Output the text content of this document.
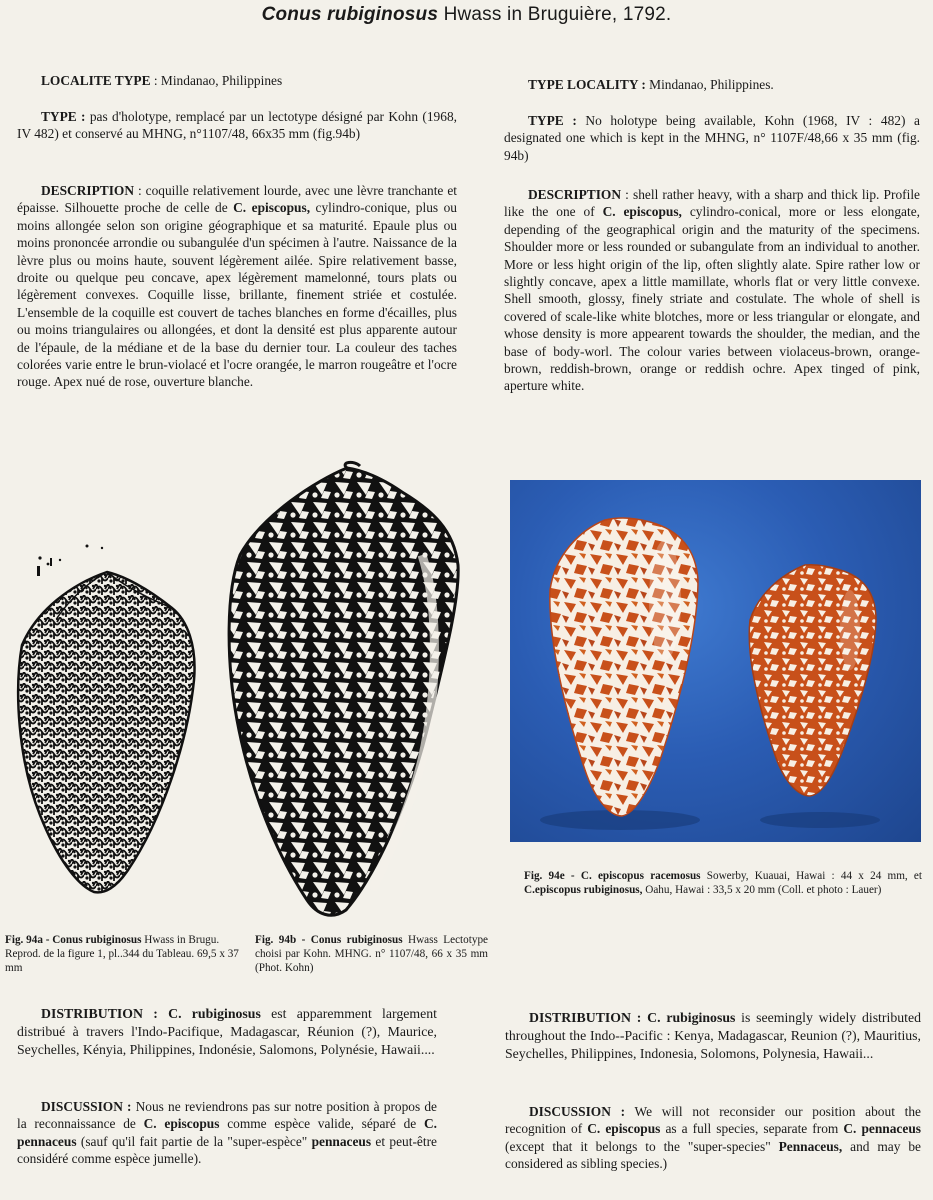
Conus rubiginosus Hwass in Bruguière, 1792.
LOCALITE TYPE : Mindanao, Philippines
TYPE : pas d'holotype, remplacé par un lectotype désigné par Kohn (1968, IV 482) et conservé au MHNG, n°1107/48, 66x35 mm (fig.94b)
DESCRIPTION : coquille relativement lourde, avec une lèvre tranchante et épaisse. Silhouette proche de celle de C. episcopus, cylindro-conique, plus ou moins allongée selon son origine géographique et sa maturité. Epaule plus ou moins prononcée arrondie ou subangulée d'un spécimen à l'autre. Naissance de la lèvre plus ou moins haute, souvent légèrement ailée. Spire relativement basse, droite ou quelque peu concave, apex légèrement mamelonné, tours plats ou légèrement convexes. Coquille lisse, brillante, finement striée et costulée. L'ensemble de la coquille est couvert de taches blanches en forme d'écailles, plus ou moins triangulaires ou allongées, et dont la densité est plus apparente autour de l'épaule, de la médiane et de la base du dernier tour. La couleur des taches colorées varie entre le brun-violacé et l'ocre orangée, le marron rougeâtre et l'ocre rouge. Apex nué de rose, ouverture blanche.
TYPE LOCALITY : Mindanao, Philippines.
TYPE : No holotype being available, Kohn (1968, IV : 482) a designated one which is kept in the MHNG, n° 1107F/48,66 x 35 mm (fig. 94b)
DESCRIPTION : shell rather heavy, with a sharp and thick lip. Profile like the one of C. episcopus, cylindro-conical, more or less elongate, depending of the geographical origin and the maturity of the specimens. Shoulder more or less rounded or subangulate from an individual to another. More or less hight origin of the lip, often slightly alate. Spire rather low or slightly concave, apex a little mamillate, whorls flat or very little convexe. Shell smooth, glossy, finely striate and costulate. The whole of shell is covered of scale-like white blotches, more or less triangular or elongate, and whose density is more appearent towards the shoulder, the median, and the base of body-worl. The colour varies between violaceus-brown, orange-brown, reddish-brown, orange or reddish ochre. Apex tinged of pink, aperture white.
Fig. 94a - Conus rubiginosus Hwass in Brugu. Reprod. de la figure 1, pl..344 du Tableau. 69,5 x 37 mm
Fig. 94b - Conus rubiginosus Hwass Lectotype choisi par Kohn. MHNG. n° 1107/48, 66 x 35 mm (Phot. Kohn)
Fig. 94e - C. episcopus racemosus Sowerby, Kuauai, Hawai : 44 x 24 mm, et C.episcopus rubiginosus, Oahu, Hawai : 33,5 x 20 mm (Coll. et photo : Lauer)
DISTRIBUTION : C. rubiginosus est apparemment largement distribué à travers l'Indo-Pacifique, Madagascar, Réunion (?), Maurice, Seychelles, Kényia, Philippines, Indonésie, Salomons, Polynésie, Hawaii....
DISCUSSION : Nous ne reviendrons pas sur notre position à propos de la reconnaissance de C. episcopus comme espèce valide, séparé de C. pennaceus (sauf qu'il fait partie de la "super-espèce" pennaceus et peut-être considéré comme espèce jumelle).
DISTRIBUTION : C. rubiginosus is seemingly widely distributed throughout the Indo--Pacific : Kenya, Madagascar, Reunion (?), Mauritius, Seychelles, Philippines, Indonesia, Solomons, Polynesia, Hawaii...
DISCUSSION : We will not reconsider our position about the recognition of C. episcopus as a full species, separate from C. pennaceus (except that it belongs to the "super-species" Pennaceus, and may be considered as sibling species.)
